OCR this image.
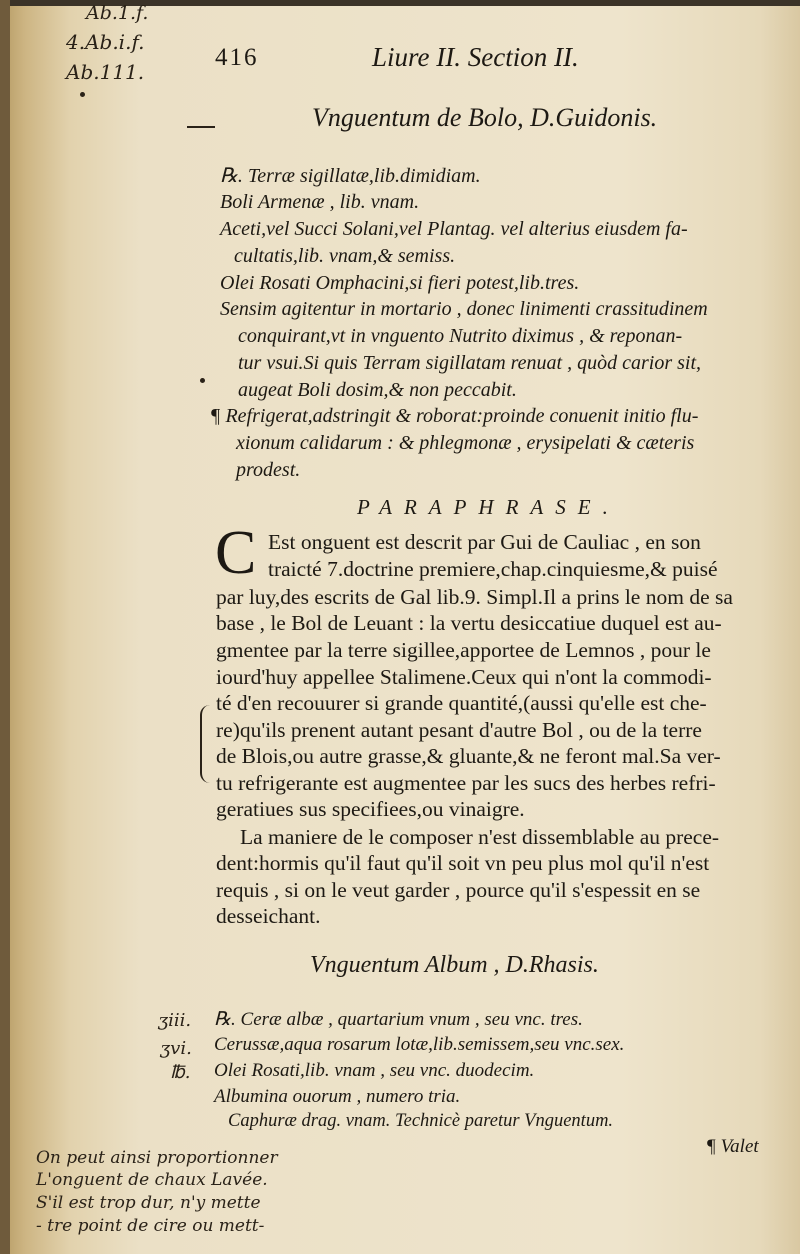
Ab.1.f.
4.Ab.i.f.
Ab.111.
416	Liure II. Section II.
Vnguentum de Bolo, D.Guidonis.
℞. Terræ sigillatæ,lib.dimidiam.
Boli Armenæ , lib. vnam.
Aceti,vel Succi Solani,vel Plantag. vel alterius eiusdem fa-
cultatis,lib. vnam,& semiss.
Olei Rosati Omphacini,si fieri potest,lib.tres.
Sensim agitentur in mortario , donec linimenti crassitudinem
conquirant,vt in vnguento Nutrito diximus , & reponan-
tur vsui.Si quis Terram sigillatam renuat , quòd carior sit,
augeat Boli dosim,& non peccabit.
¶ Refrigerat,adstringit & roborat:proinde conuenit initio flu-
xionum calidarum : & phlegmonæ , erysipelati & cæteris
prodest.
PARAPHRASE.
C Est onguent est descrit par Gui de Cauliac , en son
traicté 7.doctrine premiere,chap.cinquiesme,& puisé
par luy,des escrits de Gal lib.9. Simpl.Il a prins le nom de sa
base , le Bol de Leuant : la vertu desiccatiue duquel est au-
gmentee par la terre sigillee,apportee de Lemnos , pour le
iourd'huy appellee Stalimene.Ceux qui n'ont la commodi-
té d'en recouurer si grande quantité,(aussi qu'elle est che-
re)qu'ils prenent autant pesant d'autre Bol , ou de la terre
de Blois,ou autre grasse,& gluante,& ne feront mal.Sa ver-
tu refrigerante est augmentee par les sucs des herbes refri-
geratiues sus specifiees,ou vinaigre.
La maniere de le composer n'est dissemblable au prece-
dent:hormis qu'il faut qu'il soit vn peu plus mol qu'il n'est
requis , si on le veut garder , pource qu'il s'espessit en se
desseichant.
Vnguentum Album , D.Rhasis.
ʒiii.
ʒvi.
℔.
℞. Ceræ albæ , quartarium vnum , seu vnc. tres.
Cerussæ,aqua rosarum lotæ,lib.semissem,seu vnc.sex.
Olei Rosati,lib. vnam , seu vnc. duodecim.
Albumina ouorum , numero tria.
Caphuræ drag. vnam. Technicè paretur Vnguentum.
¶ Valet
On peut ainsi proportionner
L'onguent de chaux Lavée.
S'il est trop dur, n'y mette
- tre point de cire ou mett-
